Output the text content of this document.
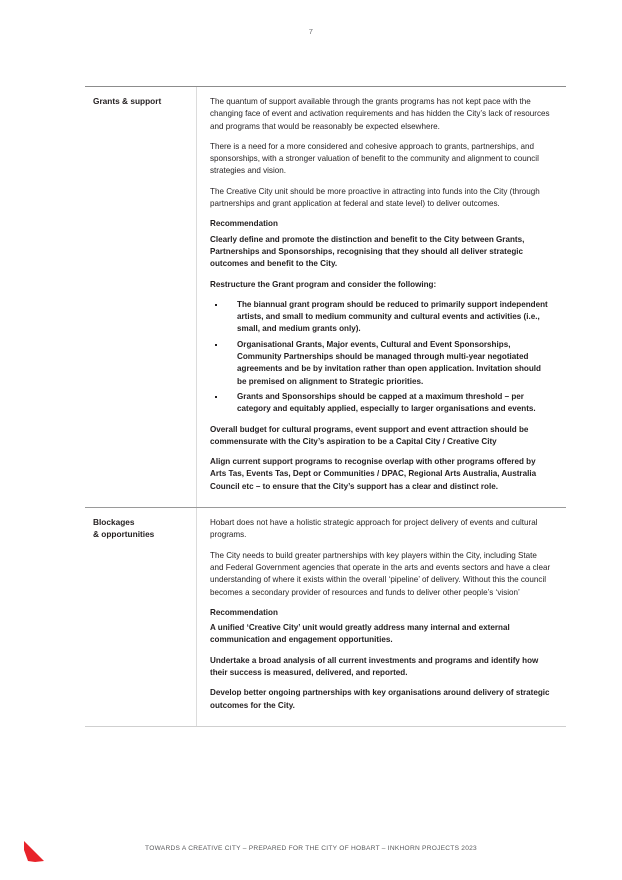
7
Grants & support	The quantum of support available through the grants programs has not kept pace with the changing face of event and activation requirements and has hidden the City’s lack of resources and programs that would be reasonably be expected elsewhere.

There is a need for a more considered and cohesive approach to grants, partnerships, and sponsorships, with a stronger valuation of benefit to the community and alignment to council strategies and vision.

The Creative City unit should be more proactive in attracting into funds into the City (through partnerships and grant application at federal and state level) to deliver outcomes.

Recommendation

Clearly define and promote the distinction and benefit to the City between Grants, Partnerships and Sponsorships, recognising that they should all deliver strategic outcomes and benefit to the City.

Restructure the Grant program and consider the following:

The biannual grant program should be reduced to primarily support independent artists, and small to medium community and cultural events and activities (i.e., small, and medium grants only).
Organisational Grants, Major events, Cultural and Event Sponsorships, Community Partnerships should be managed through multi-year negotiated agreements and be by invitation rather than open application. Invitation should be premised on alignment to Strategic priorities.
Grants and Sponsorships should be capped at a maximum threshold – per category and equitably applied, especially to larger organisations and events.

Overall budget for cultural programs, event support and event attraction should be commensurate with the City’s aspiration to be a Capital City / Creative City

Align current support programs to recognise overlap with other programs offered by Arts Tas, Events Tas, Dept or Communities / DPAC, Regional Arts Australia, Australia Council etc – to ensure that the City’s support has a clear and distinct role.

Blockages
& opportunities

Hobart does not have a holistic strategic approach for project delivery of events and cultural programs.

The City needs to build greater partnerships with key players within the City, including State and Federal Government agencies that operate in the arts and events sectors and have a clear understanding of where it exists within the overall ‘pipeline’ of delivery. Without this the council becomes a secondary provider of resources and funds to deliver other people’s ‘vision’

Recommendation

A unified ‘Creative City’ unit would greatly address many internal and external communication and engagement opportunities.

Undertake a broad analysis of all current investments and programs and identify how their success is measured, delivered, and reported.

Develop better ongoing partnerships with key organisations around delivery of strategic outcomes for the City.

TOWARDS A CREATIVE CITY – PREPARED FOR THE CITY OF HOBART – INKHORN PROJECTS 2023
